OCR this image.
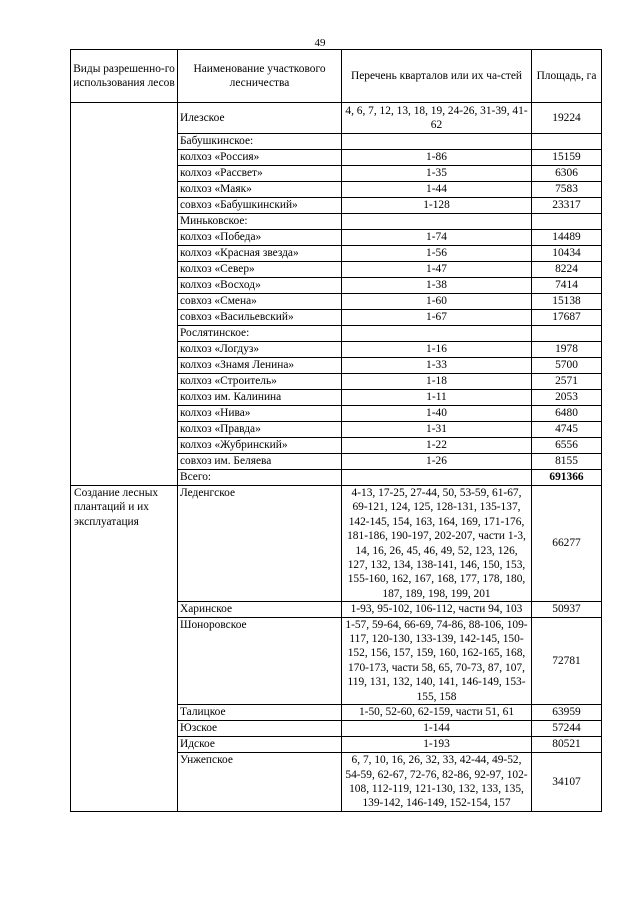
49
Виды разрешенно-го использования лесов	Наименование участкового лесничества	Перечень кварталов или их ча-стей	Площадь, га
	Илезское	4, 6, 7, 12, 13, 18, 19, 24-26, 31-39, 41-62	19224
	Бабушкинское:		
	колхоз «Россия»	1-86	15159
	колхоз «Рассвет»	1-35	6306
	колхоз «Маяк»	1-44	7583
	совхоз «Бабушкинский»	1-128	23317
	Миньковское:		
	колхоз «Победа»	1-74	14489
	колхоз «Красная звезда»	1-56	10434
	колхоз «Север»	1-47	8224
	колхоз «Восход»	1-38	7414
	совхоз «Смена»	1-60	15138
	совхоз «Васильевский»	1-67	17687
	Рослятинское:		
	колхоз «Логдуз»	1-16	1978
	колхоз «Знамя Ленина»	1-33	5700
	колхоз «Строитель»	1-18	2571
	колхоз им. Калинина	1-11	2053
	колхоз «Нива»	1-40	6480
	колхоз «Правда»	1-31	4745
	колхоз «Жубринский»	1-22	6556
	совхоз им. Беляева	1-26	8155
	Всего:		691366
Создание лесных плантаций и их эксплуатация	Леденгское	4-13, 17-25, 27-44, 50, 53-59, 61-67, 69-121, 124, 125, 128-131, 135-137, 142-145, 154, 163, 164, 169, 171-176, 181-186, 190-197, 202-207, части 1-3, 14, 16, 26, 45, 46, 49, 52, 123, 126, 127, 132, 134, 138-141, 146, 150, 153, 155-160, 162, 167, 168, 177, 178, 180, 187, 189, 198, 199, 201	66277
	Харинское	1-93, 95-102, 106-112, части 94, 103	50937
	Шоноровское	1-57, 59-64, 66-69, 74-86, 88-106, 109-117, 120-130, 133-139, 142-145, 150-152, 156, 157, 159, 160, 162-165, 168, 170-173, части 58, 65, 70-73, 87, 107, 119, 131, 132, 140, 141, 146-149, 153-155, 158	72781
	Талицкое	1-50, 52-60, 62-159, части 51, 61	63959
	Юзское	1-144	57244
	Идское	1-193	80521
	Унжепское	6, 7, 10, 16, 26, 32, 33, 42-44, 49-52, 54-59, 62-67, 72-76, 82-86, 92-97, 102-108, 112-119, 121-130, 132, 133, 135, 139-142, 146-149, 152-154, 157	34107
